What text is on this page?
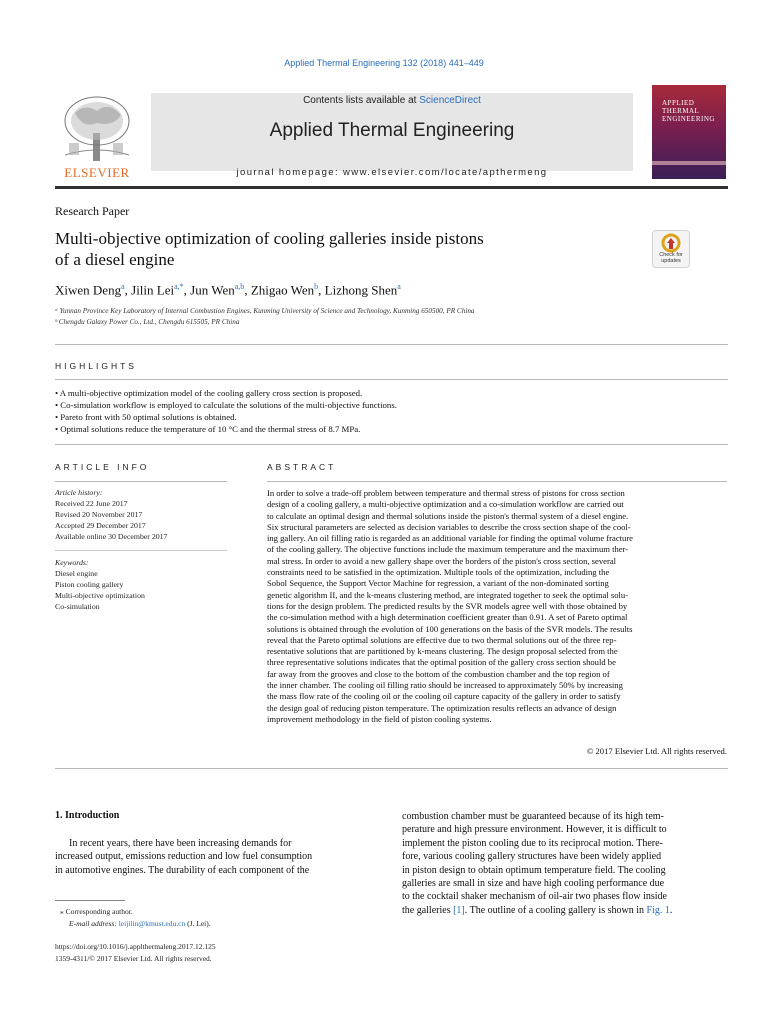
Applied Thermal Engineering 132 (2018) 441–449
ELSEVIER
Contents lists available at ScienceDirect
Applied Thermal Engineering
journal homepage: www.elsevier.com/locate/apthermeng
APPLIED THERMAL ENGINEERING
Research Paper
Multi-objective optimization of cooling galleries inside pistons
of a diesel engine	Check for updates
Xiwen Deng$^a$, Jilin Lei$^{a,*}$, Jun Wen$^{a,b}$, Zhigao Wen$^b$, Lizhong Shen$^a$
ᵃ Yunnan Province Key Laboratory of Internal Combustion Engines, Kunming University of Science and Technology, Kunming 650500, PR China
ᵇ Chengdu Galaxy Power Co., Ltd., Chengdu 615505, PR China
HIGHLIGHTS
• A multi-objective optimization model of the cooling gallery cross section is proposed.
• Co-simulation workflow is employed to calculate the solutions of the multi-objective functions.
• Pareto front with 50 optimal solutions is obtained.
• Optimal solutions reduce the temperature of 10 °C and the thermal stress of 8.7 MPa.
ARTICLE INFO
Article history:
Received 22 June 2017
Revised 20 November 2017
Accepted 29 December 2017
Available online 30 December 2017
Keywords:
Diesel engine
Piston cooling gallery
Multi-objective optimization
Co-simulation
ABSTRACT
In order to solve a trade-off problem between temperature and thermal stress of pistons for cross section
design of a cooling gallery, a multi-objective optimization and a co-simulation workflow are carried out
to calculate an optimal design and thermal solutions inside the piston's thermal system of a diesel engine.
Six structural parameters are selected as decision variables to describe the cross section shape of the cool-
ing gallery. An oil filling ratio is regarded as an additional variable for finding the optimal volume fracture
of the cooling gallery. The objective functions include the maximum temperature and the maximum ther-
mal stress. In order to avoid a new gallery shape over the borders of the piston's cross section, several
constraints need to be satisfied in the optimization. Multiple tools of the optimization, including the
Sobol Sequence, the Support Vector Machine for regression, a variant of the non-dominated sorting
genetic algorithm II, and the k-means clustering method, are integrated together to seek the optimal solu-
tions for the design problem. The predicted results by the SVR models agree well with those obtained by
the co-simulation method with a high determination coefficient greater than 0.91. A set of Pareto optimal
solutions is obtained through the evolution of 100 generations on the basis of the SVR models. The results
reveal that the Pareto optimal solutions are effective due to two thermal solutions out of the three rep-
resentative solutions that are partitioned by k-means clustering. The design proposal selected from the
three representative solutions indicates that the optimal position of the gallery cross section should be
far away from the grooves and close to the bottom of the combustion chamber and the top region of
the inner chamber. The cooling oil filling ratio should be increased to approximately 50% by increasing
the mass flow rate of the cooling oil or the cooling oil capture capacity of the gallery in order to satisfy
the design goal of reducing piston temperature. The optimization results reflects an advance of design
improvement methodology in the field of piston cooling systems.
© 2017 Elsevier Ltd. All rights reserved.
1. Introduction
In recent years, there have been increasing demands for
increased output, emissions reduction and low fuel consumption
in automotive engines. The durability of each component of the
combustion chamber must be guaranteed because of its high tem-
perature and high pressure environment. However, it is difficult to
implement the piston cooling due to its reciprocal motion. There-
fore, various cooling gallery structures have been widely applied
in piston design to obtain optimum temperature field. The cooling
galleries are small in size and have high cooling performance due
to the cocktail shaker mechanism of oil-air two phases flow inside
the galleries [1]. The outline of a cooling gallery is shown in Fig. 1.
⁎ Corresponding author.
E-mail address: leijilin@kmust.edu.cn (J. Lei).
https://doi.org/10.1016/j.applthermaleng.2017.12.125
1359-4311/© 2017 Elsevier Ltd. All rights reserved.
